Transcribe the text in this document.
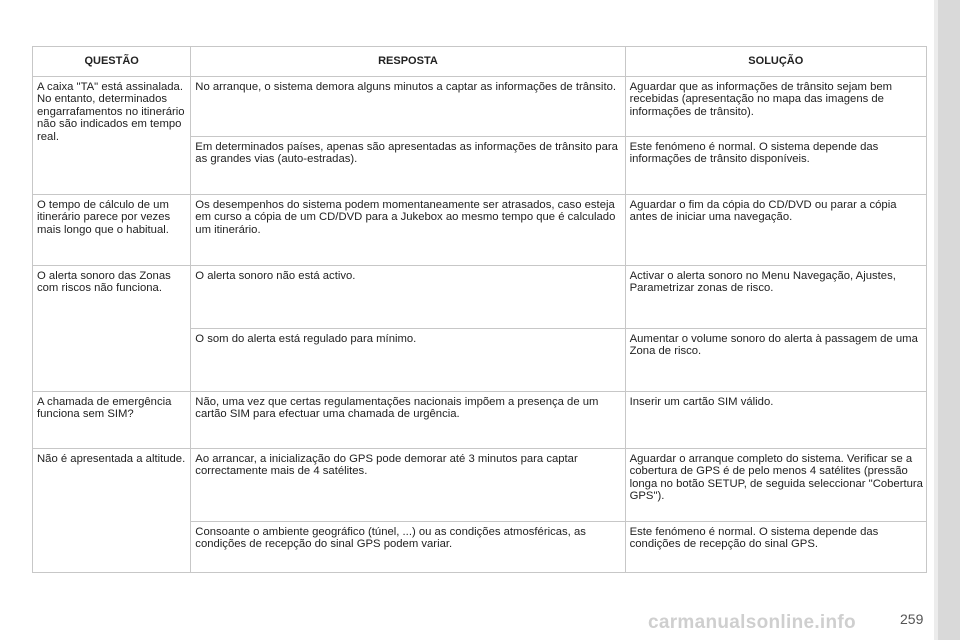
QUESTÃO	RESPOSTA	SOLUÇÃO
A caixa "TA" está assinalada. No entanto, determinados engarrafamentos no itinerário não são indicados em tempo real.	No arranque, o sistema demora alguns minutos a captar as informações de trânsito.	Aguardar que as informações de trânsito sejam bem recebidas (apresentação no mapa das imagens de informações de trânsito).
	Em determinados países, apenas são apresentadas as informações de trânsito para as grandes vias (auto-estradas).	Este fenómeno é normal. O sistema depende das informações de trânsito disponíveis.
O tempo de cálculo de um itinerário parece por vezes mais longo que o habitual.	Os desempenhos do sistema podem momentaneamente ser atrasados, caso esteja em curso a cópia de um CD/DVD para a Jukebox ao mesmo tempo que é calculado um itinerário.	Aguardar o fim da cópia do CD/DVD ou parar a cópia antes de iniciar uma navegação.
O alerta sonoro das Zonas com riscos não funciona.	O alerta sonoro não está activo.	Activar o alerta sonoro no Menu Navegação, Ajustes, Parametrizar zonas de risco.
	O som do alerta está regulado para mínimo.	Aumentar o volume sonoro do alerta à passagem de uma Zona de risco.
A chamada de emergência funciona sem SIM?	Não, uma vez que certas regulamentações nacionais impõem a presença de um cartão SIM para efectuar uma chamada de urgência.	Inserir um cartão SIM válido.
Não é apresentada a altitude.	Ao arrancar, a inicialização do GPS pode demorar até 3 minutos para captar correctamente mais de 4 satélites.	Aguardar o arranque completo do sistema. Verificar se a cobertura de GPS é de pelo menos 4 satélites (pressão longa no botão SETUP, de seguida seleccionar "Cobertura GPS").
	Consoante o ambiente geográfico (túnel, ...) ou as condições atmosféricas, as condições de recepção do sinal GPS podem variar.	Este fenómeno é normal. O sistema depende das condições de recepção do sinal GPS.
carmanualsonline.info	259
